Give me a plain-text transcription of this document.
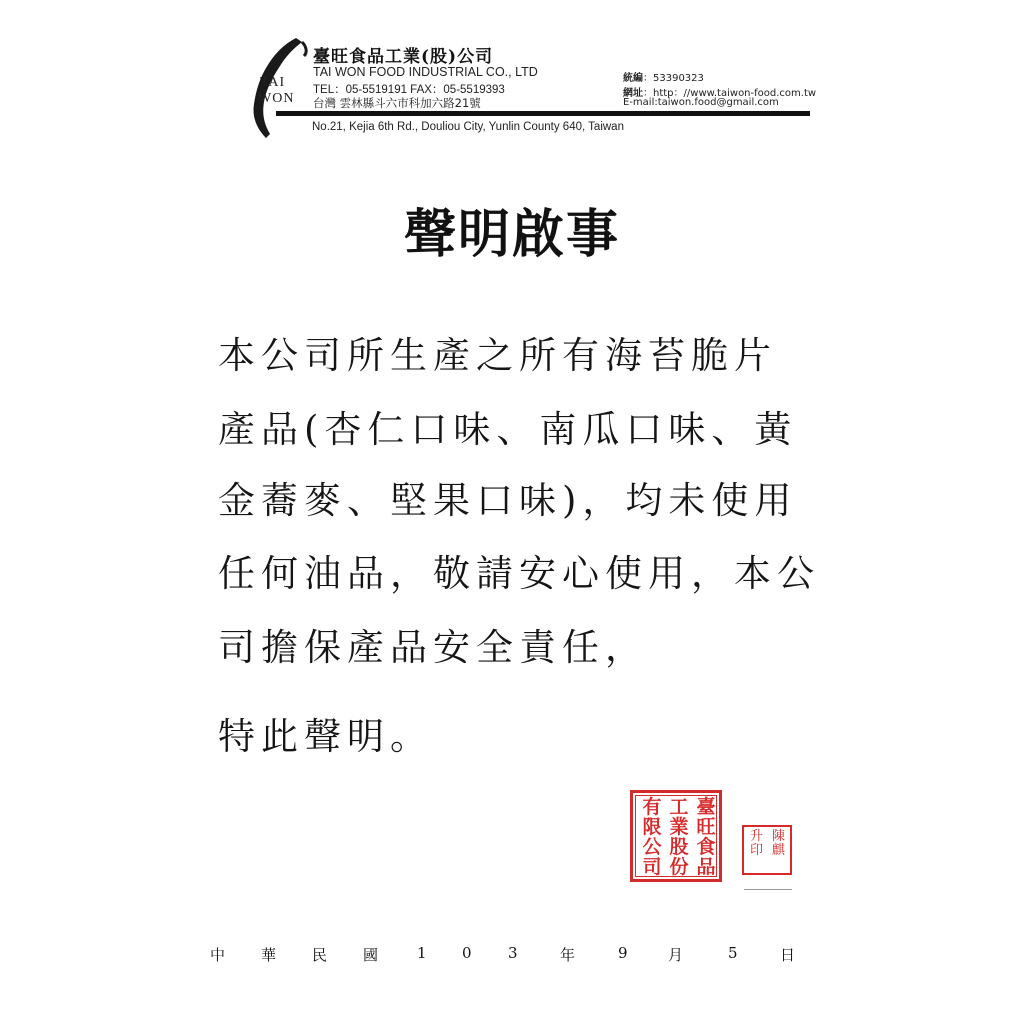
TAI
WON
臺旺食品工業(股)公司
TAI WON FOOD INDUSTRIAL CO., LTD
TEL：05-5519191 FAX：05-5519393
台灣 雲林縣斗六市科加六路21號
No.21, Kejia 6th Rd., Douliou City, Yunlin County 640, Taiwan
統編：53390323
網址：http：//www.taiwon-food.com.tw
E-mail:taiwon.food@gmail.com
聲明啟事
本公司所生產之所有海苔脆片
產品(杏仁口味、南瓜口味、黃
金蕎麥、堅果口味)，均未使用
任何油品，敬請安心使用，本公
司擔保產品安全責任，
特此聲明。
臺
旺
食
品
工
業
股
份
有
限
公
司
陳
麒
升
印
中 華 民 國	1 0 3	年	9	月	5	日
